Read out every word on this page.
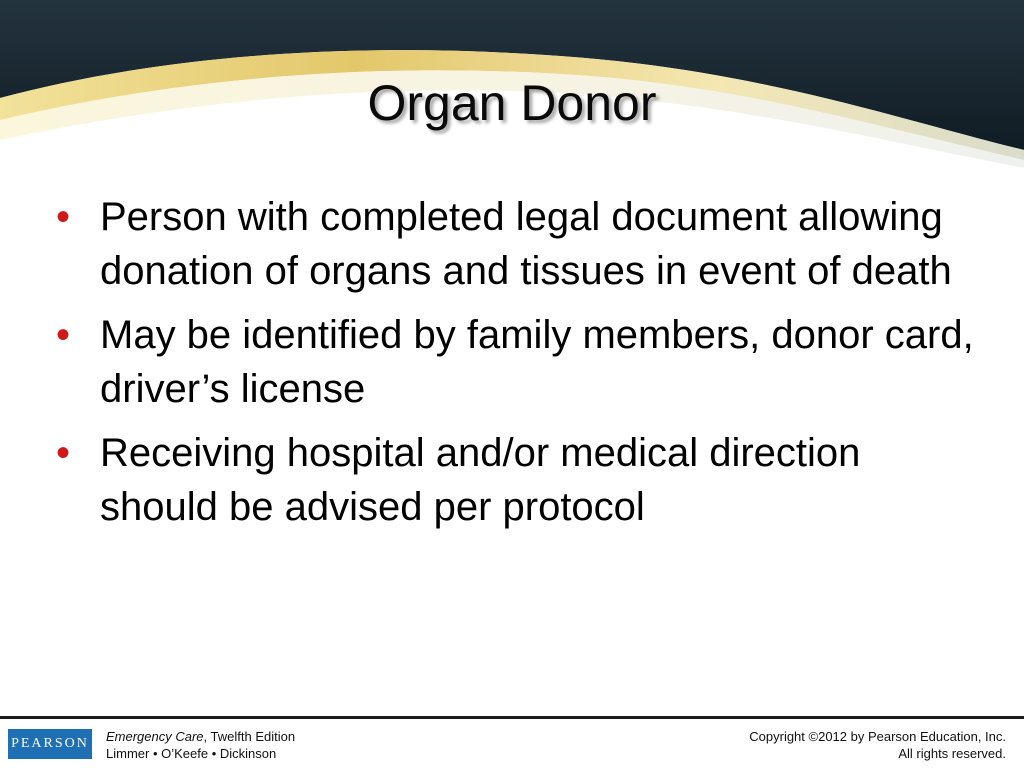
Organ Donor
• Person with completed legal document allowing donation of organs and tissues in event of death
• May be identified by family members, donor card, driver’s license
• Receiving hospital and/or medical direction should be advised per protocol
PEARSON Emergency Care, Twelfth Edition
Limmer • O’Keefe • Dickinson
Copyright ©2012 by Pearson Education, Inc.
All rights reserved.
